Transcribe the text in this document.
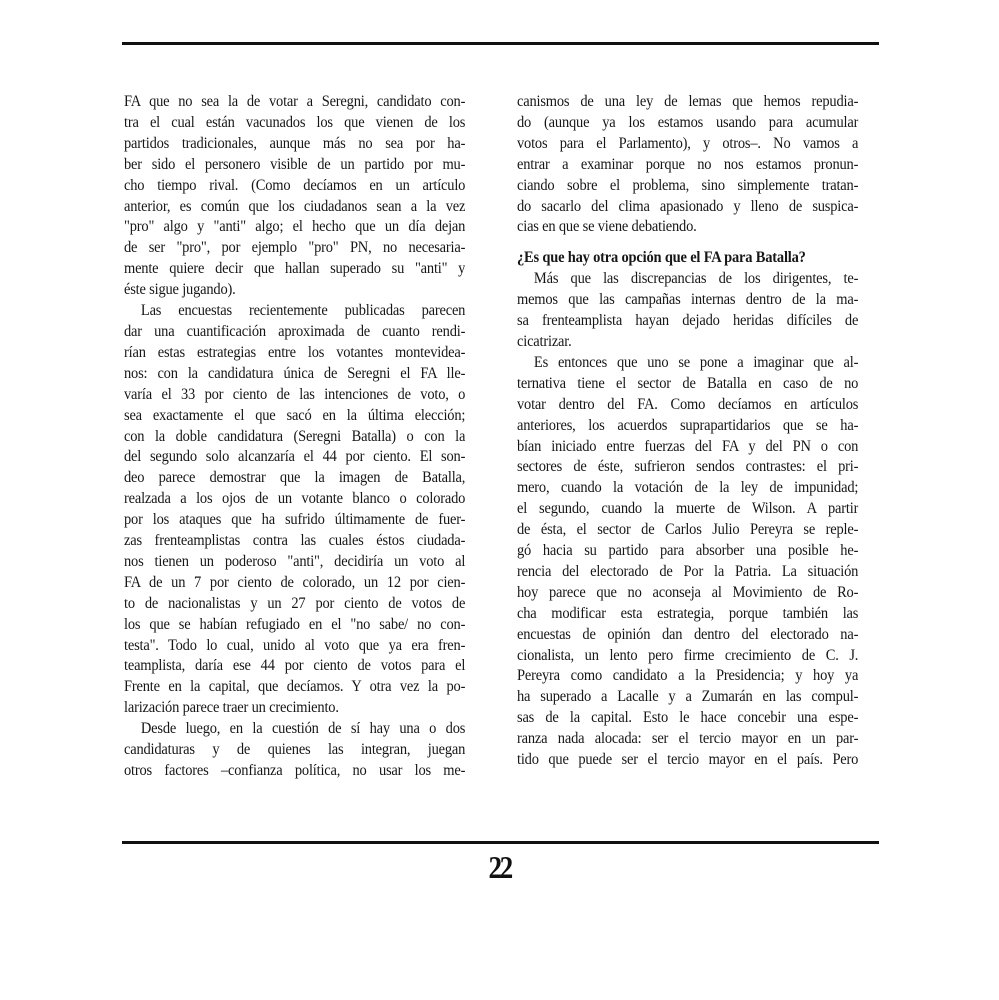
FA que no sea la de votar a Seregni, candidato con-
tra el cual están vacunados los que vienen de los
partidos tradicionales, aunque más no sea por ha-
ber sido el personero visible de un partido por mu-
cho tiempo rival. (Como decíamos en un artículo
anterior, es común que los ciudadanos sean a la vez
"pro" algo y "anti" algo; el hecho que un día dejan
de ser "pro", por ejemplo "pro" PN, no necesaria-
mente quiere decir que hallan superado su "anti" y
éste sigue jugando).
Las encuestas recientemente publicadas parecen
dar una cuantificación aproximada de cuanto rendi-
rían estas estrategias entre los votantes montevidea-
nos: con la candidatura única de Seregni el FA lle-
varía el 33 por ciento de las intenciones de voto, o
sea exactamente el que sacó en la última elección;
con la doble candidatura (Seregni Batalla) o con la
del segundo solo alcanzaría el 44 por ciento. El son-
deo parece demostrar que la imagen de Batalla,
realzada a los ojos de un votante blanco o colorado
por los ataques que ha sufrido últimamente de fuer-
zas frenteamplistas contra las cuales éstos ciudada-
nos tienen un poderoso "anti", decidiría un voto al
FA de un 7 por ciento de colorado, un 12 por cien-
to de nacionalistas y un 27 por ciento de votos de
los que se habían refugiado en el "no sabe/ no con-
testa". Todo lo cual, unido al voto que ya era fren-
teamplista, daría ese 44 por ciento de votos para el
Frente en la capital, que decíamos. Y otra vez la po-
larización parece traer un crecimiento.
Desde luego, en la cuestión de sí hay una o dos
candidaturas y de quienes las integran, juegan
otros factores –confianza política, no usar los me-
canismos de una ley de lemas que hemos repudia-
do (aunque ya los estamos usando para acumular
votos para el Parlamento), y otros–. No vamos a
entrar a examinar porque no nos estamos pronun-
ciando sobre el problema, sino simplemente tratan-
do sacarlo del clima apasionado y lleno de suspica-
cias en que se viene debatiendo.
¿Es que hay otra opción que el FA para Batalla?
Más que las discrepancias de los dirigentes, te-
memos que las campañas internas dentro de la ma-
sa frenteamplista hayan dejado heridas difíciles de
cicatrizar.
Es entonces que uno se pone a imaginar que al-
ternativa tiene el sector de Batalla en caso de no
votar dentro del FA. Como decíamos en artículos
anteriores, los acuerdos suprapartidarios que se ha-
bían iniciado entre fuerzas del FA y del PN o con
sectores de éste, sufrieron sendos contrastes: el pri-
mero, cuando la votación de la ley de impunidad;
el segundo, cuando la muerte de Wilson. A partir
de ésta, el sector de Carlos Julio Pereyra se reple-
gó hacia su partido para absorber una posible he-
rencia del electorado de Por la Patria. La situación
hoy parece que no aconseja al Movimiento de Ro-
cha modificar esta estrategia, porque también las
encuestas de opinión dan dentro del electorado na-
cionalista, un lento pero firme crecimiento de C. J.
Pereyra como candidato a la Presidencia; y hoy ya
ha superado a Lacalle y a Zumarán en las compul-
sas de la capital. Esto le hace concebir una espe-
ranza nada alocada: ser el tercio mayor en un par-
tido que puede ser el tercio mayor en el país. Pero
22
